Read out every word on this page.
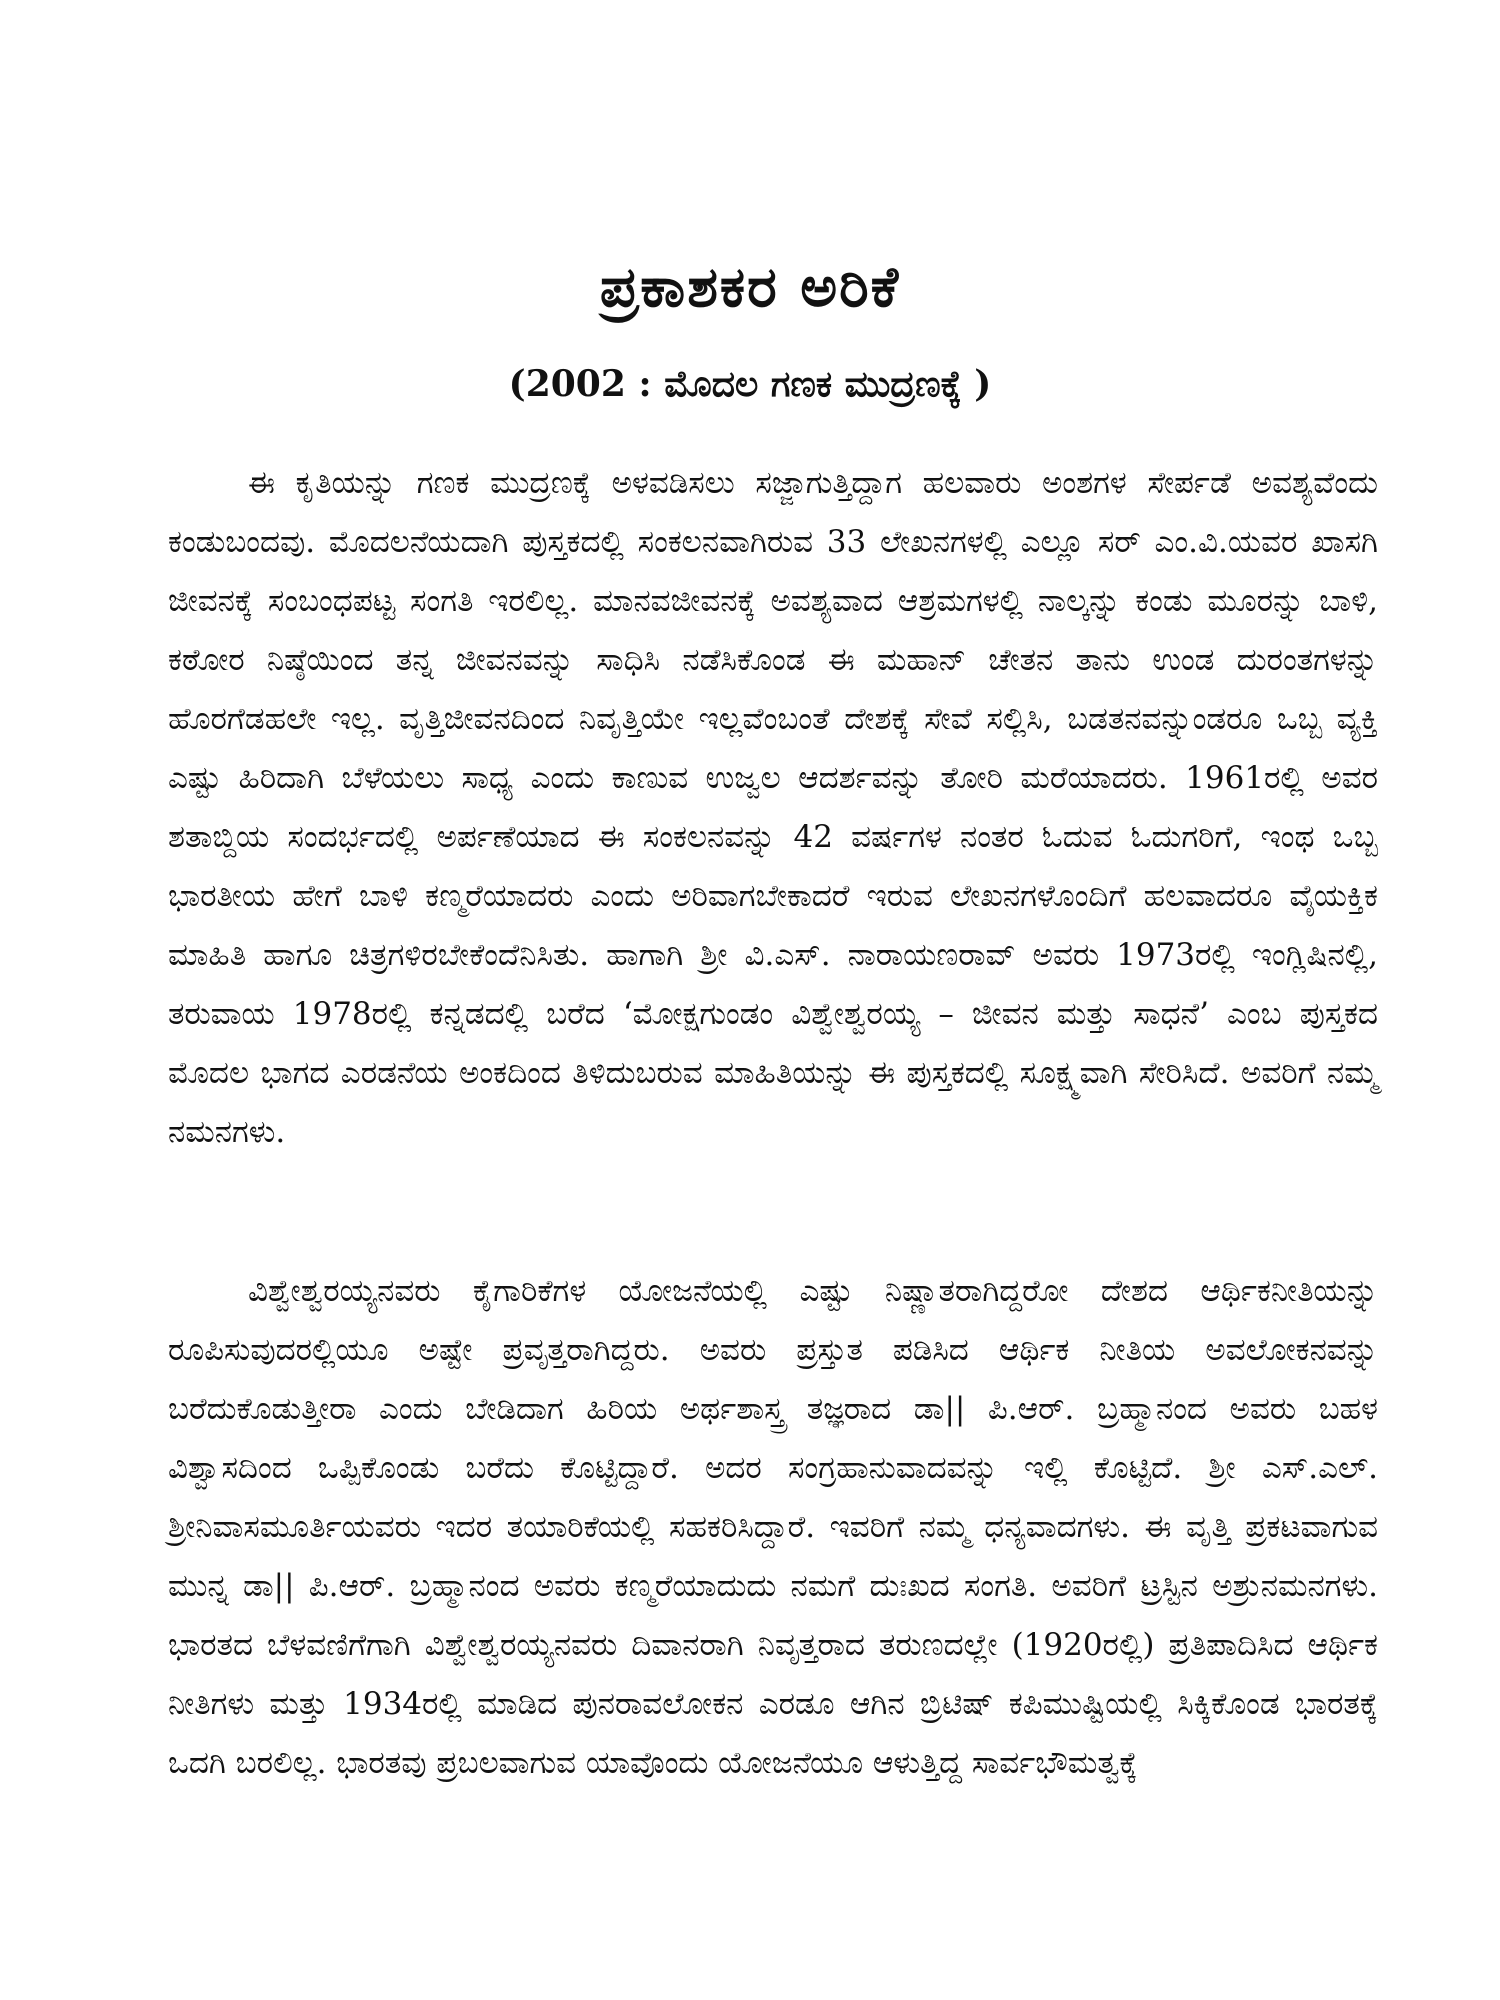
ಪ್ರಕಾಶಕರ ಅರಿಕೆ
(2002 : ಮೊದಲ ಗಣಕ ಮುದ್ರಣಕ್ಕೆ )

ಈ ಕೃತಿಯನ್ನು ಗಣಕ ಮುದ್ರಣಕ್ಕೆ ಅಳವಡಿಸಲು ಸಜ್ಜಾಗುತ್ತಿದ್ದಾಗ ಹಲವಾರು ಅಂಶಗಳ ಸೇರ್ಪಡೆ ಅವಶ್ಯವೆಂದು ಕಂಡುಬಂದವು. ಮೊದಲನೆಯದಾಗಿ ಪುಸ್ತಕದಲ್ಲಿ ಸಂಕಲನವಾಗಿರುವ 33 ಲೇಖನಗಳಲ್ಲಿ ಎಲ್ಲೂ ಸರ್ ಎಂ.ವಿ.ಯವರ ಖಾಸಗಿ ಜೀವನಕ್ಕೆ ಸಂಬಂಧಪಟ್ಟ ಸಂಗತಿ ಇರಲಿಲ್ಲ. ಮಾನವಜೀವನಕ್ಕೆ ಅವಶ್ಯವಾದ ಆಶ್ರಮಗಳಲ್ಲಿ ನಾಲ್ಕನ್ನು ಕಂಡು ಮೂರನ್ನು ಬಾಳಿ, ಕಠೋರ ನಿಷ್ಠೆಯಿಂದ ತನ್ನ ಜೀವನವನ್ನು ಸಾಧಿಸಿ ನಡೆಸಿಕೊಂಡ ಈ ಮಹಾನ್ ಚೇತನ ತಾನು ಉಂಡ ದುರಂತಗಳನ್ನು ಹೊರಗೆಡಹಲೇ ಇಲ್ಲ. ವೃತ್ತಿಜೀವನದಿಂದ ನಿವೃತ್ತಿಯೇ ಇಲ್ಲವೆಂಬಂತೆ ದೇಶಕ್ಕೆ ಸೇವೆ ಸಲ್ಲಿಸಿ, ಬಡತನವನ್ನುಂಡರೂ ಒಬ್ಬ ವ್ಯಕ್ತಿ ಎಷ್ಟು ಹಿರಿದಾಗಿ ಬೆಳೆಯಲು ಸಾಧ್ಯ ಎಂದು ಕಾಣುವ ಉಜ್ವಲ ಆದರ್ಶವನ್ನು ತೋರಿ ಮರೆಯಾದರು. 1961ರಲ್ಲಿ ಅವರ ಶತಾಬ್ದಿಯ ಸಂದರ್ಭದಲ್ಲಿ ಅರ್ಪಣೆಯಾದ ಈ ಸಂಕಲನವನ್ನು 42 ವರ್ಷಗಳ ನಂತರ ಓದುವ ಓದುಗರಿಗೆ, ಇಂಥ ಒಬ್ಬ ಭಾರತೀಯ ಹೇಗೆ ಬಾಳಿ ಕಣ್ಮರೆಯಾದರು ಎಂದು ಅರಿವಾಗಬೇಕಾದರೆ ಇರುವ ಲೇಖನಗಳೊಂದಿಗೆ ಹಲವಾದರೂ ವೈಯಕ್ತಿಕ ಮಾಹಿತಿ ಹಾಗೂ ಚಿತ್ರಗಳಿರಬೇಕೆಂದೆನಿಸಿತು. ಹಾಗಾಗಿ ಶ್ರೀ ವಿ.ಎಸ್. ನಾರಾಯಣರಾವ್ ಅವರು 1973ರಲ್ಲಿ ಇಂಗ್ಲಿಷಿನಲ್ಲಿ, ತರುವಾಯ 1978ರಲ್ಲಿ ಕನ್ನಡದಲ್ಲಿ ಬರೆದ ‘ಮೋಕ್ಷಗುಂಡಂ ವಿಶ್ವೇಶ್ವರಯ್ಯ – ಜೀವನ ಮತ್ತು ಸಾಧನೆ’ ಎಂಬ ಪುಸ್ತಕದ ಮೊದಲ ಭಾಗದ ಎರಡನೆಯ ಅಂಕದಿಂದ ತಿಳಿದುಬರುವ ಮಾಹಿತಿಯನ್ನು ಈ ಪುಸ್ತಕದಲ್ಲಿ ಸೂಕ್ಷ್ಮವಾಗಿ ಸೇರಿಸಿದೆ. ಅವರಿಗೆ ನಮ್ಮ ನಮನಗಳು.

ವಿಶ್ವೇಶ್ವರಯ್ಯನವರು ಕೈಗಾರಿಕೆಗಳ ಯೋಜನೆಯಲ್ಲಿ ಎಷ್ಟು ನಿಷ್ಣಾತರಾಗಿದ್ದರೋ ದೇಶದ ಆರ್ಥಿಕನೀತಿಯನ್ನು ರೂಪಿಸುವುದರಲ್ಲಿಯೂ ಅಷ್ಟೇ ಪ್ರವೃತ್ತರಾಗಿದ್ದರು. ಅವರು ಪ್ರಸ್ತುತ ಪಡಿಸಿದ ಆರ್ಥಿಕ ನೀತಿಯ ಅವಲೋಕನವನ್ನು ಬರೆದುಕೊಡುತ್ತೀರಾ ಎಂದು ಬೇಡಿದಾಗ ಹಿರಿಯ ಅರ್ಥಶಾಸ್ತ್ರ ತಜ್ಞರಾದ ಡಾ|| ಪಿ.ಆರ್. ಬ್ರಹ್ಮಾನಂದ ಅವರು ಬಹಳ ವಿಶ್ವಾಸದಿಂದ ಒಪ್ಪಿಕೊಂಡು ಬರೆದು ಕೊಟ್ಟಿದ್ದಾರೆ. ಅದರ ಸಂಗ್ರಹಾನುವಾದವನ್ನು ಇಲ್ಲಿ ಕೊಟ್ಟಿದೆ. ಶ್ರೀ ಎಸ್.ಎಲ್. ಶ್ರೀನಿವಾಸಮೂರ್ತಿಯವರು ಇದರ ತಯಾರಿಕೆಯಲ್ಲಿ ಸಹಕರಿಸಿದ್ದಾರೆ. ಇವರಿಗೆ ನಮ್ಮ ಧನ್ಯವಾದಗಳು. ಈ ವೃತ್ತಿ ಪ್ರಕಟವಾಗುವ ಮುನ್ನ ಡಾ|| ಪಿ.ಆರ್. ಬ್ರಹ್ಮಾನಂದ ಅವರು ಕಣ್ಮರೆಯಾದುದು ನಮಗೆ ದುಃಖದ ಸಂಗತಿ. ಅವರಿಗೆ ಟ್ರಸ್ಟಿನ ಅಶ್ರುನಮನಗಳು. ಭಾರತದ ಬೆಳವಣಿಗೆಗಾಗಿ ವಿಶ್ವೇಶ್ವರಯ್ಯನವರು ದಿವಾನರಾಗಿ ನಿವೃತ್ತರಾದ ತರುಣದಲ್ಲೇ (1920ರಲ್ಲಿ) ಪ್ರತಿಪಾದಿಸಿದ ಆರ್ಥಿಕ ನೀತಿಗಳು ಮತ್ತು 1934ರಲ್ಲಿ ಮಾಡಿದ ಪುನರಾವಲೋಕನ ಎರಡೂ ಆಗಿನ ಬ್ರಿಟಿಷ್ ಕಪಿಮುಷ್ಟಿಯಲ್ಲಿ ಸಿಕ್ಕಿಕೊಂಡ ಭಾರತಕ್ಕೆ ಒದಗಿ ಬರಲಿಲ್ಲ. ಭಾರತವು ಪ್ರಬಲವಾಗುವ ಯಾವೊಂದು ಯೋಜನೆಯೂ ಆಳುತ್ತಿದ್ದ ಸಾರ್ವಭೌಮತ್ವಕ್ಕೆ
